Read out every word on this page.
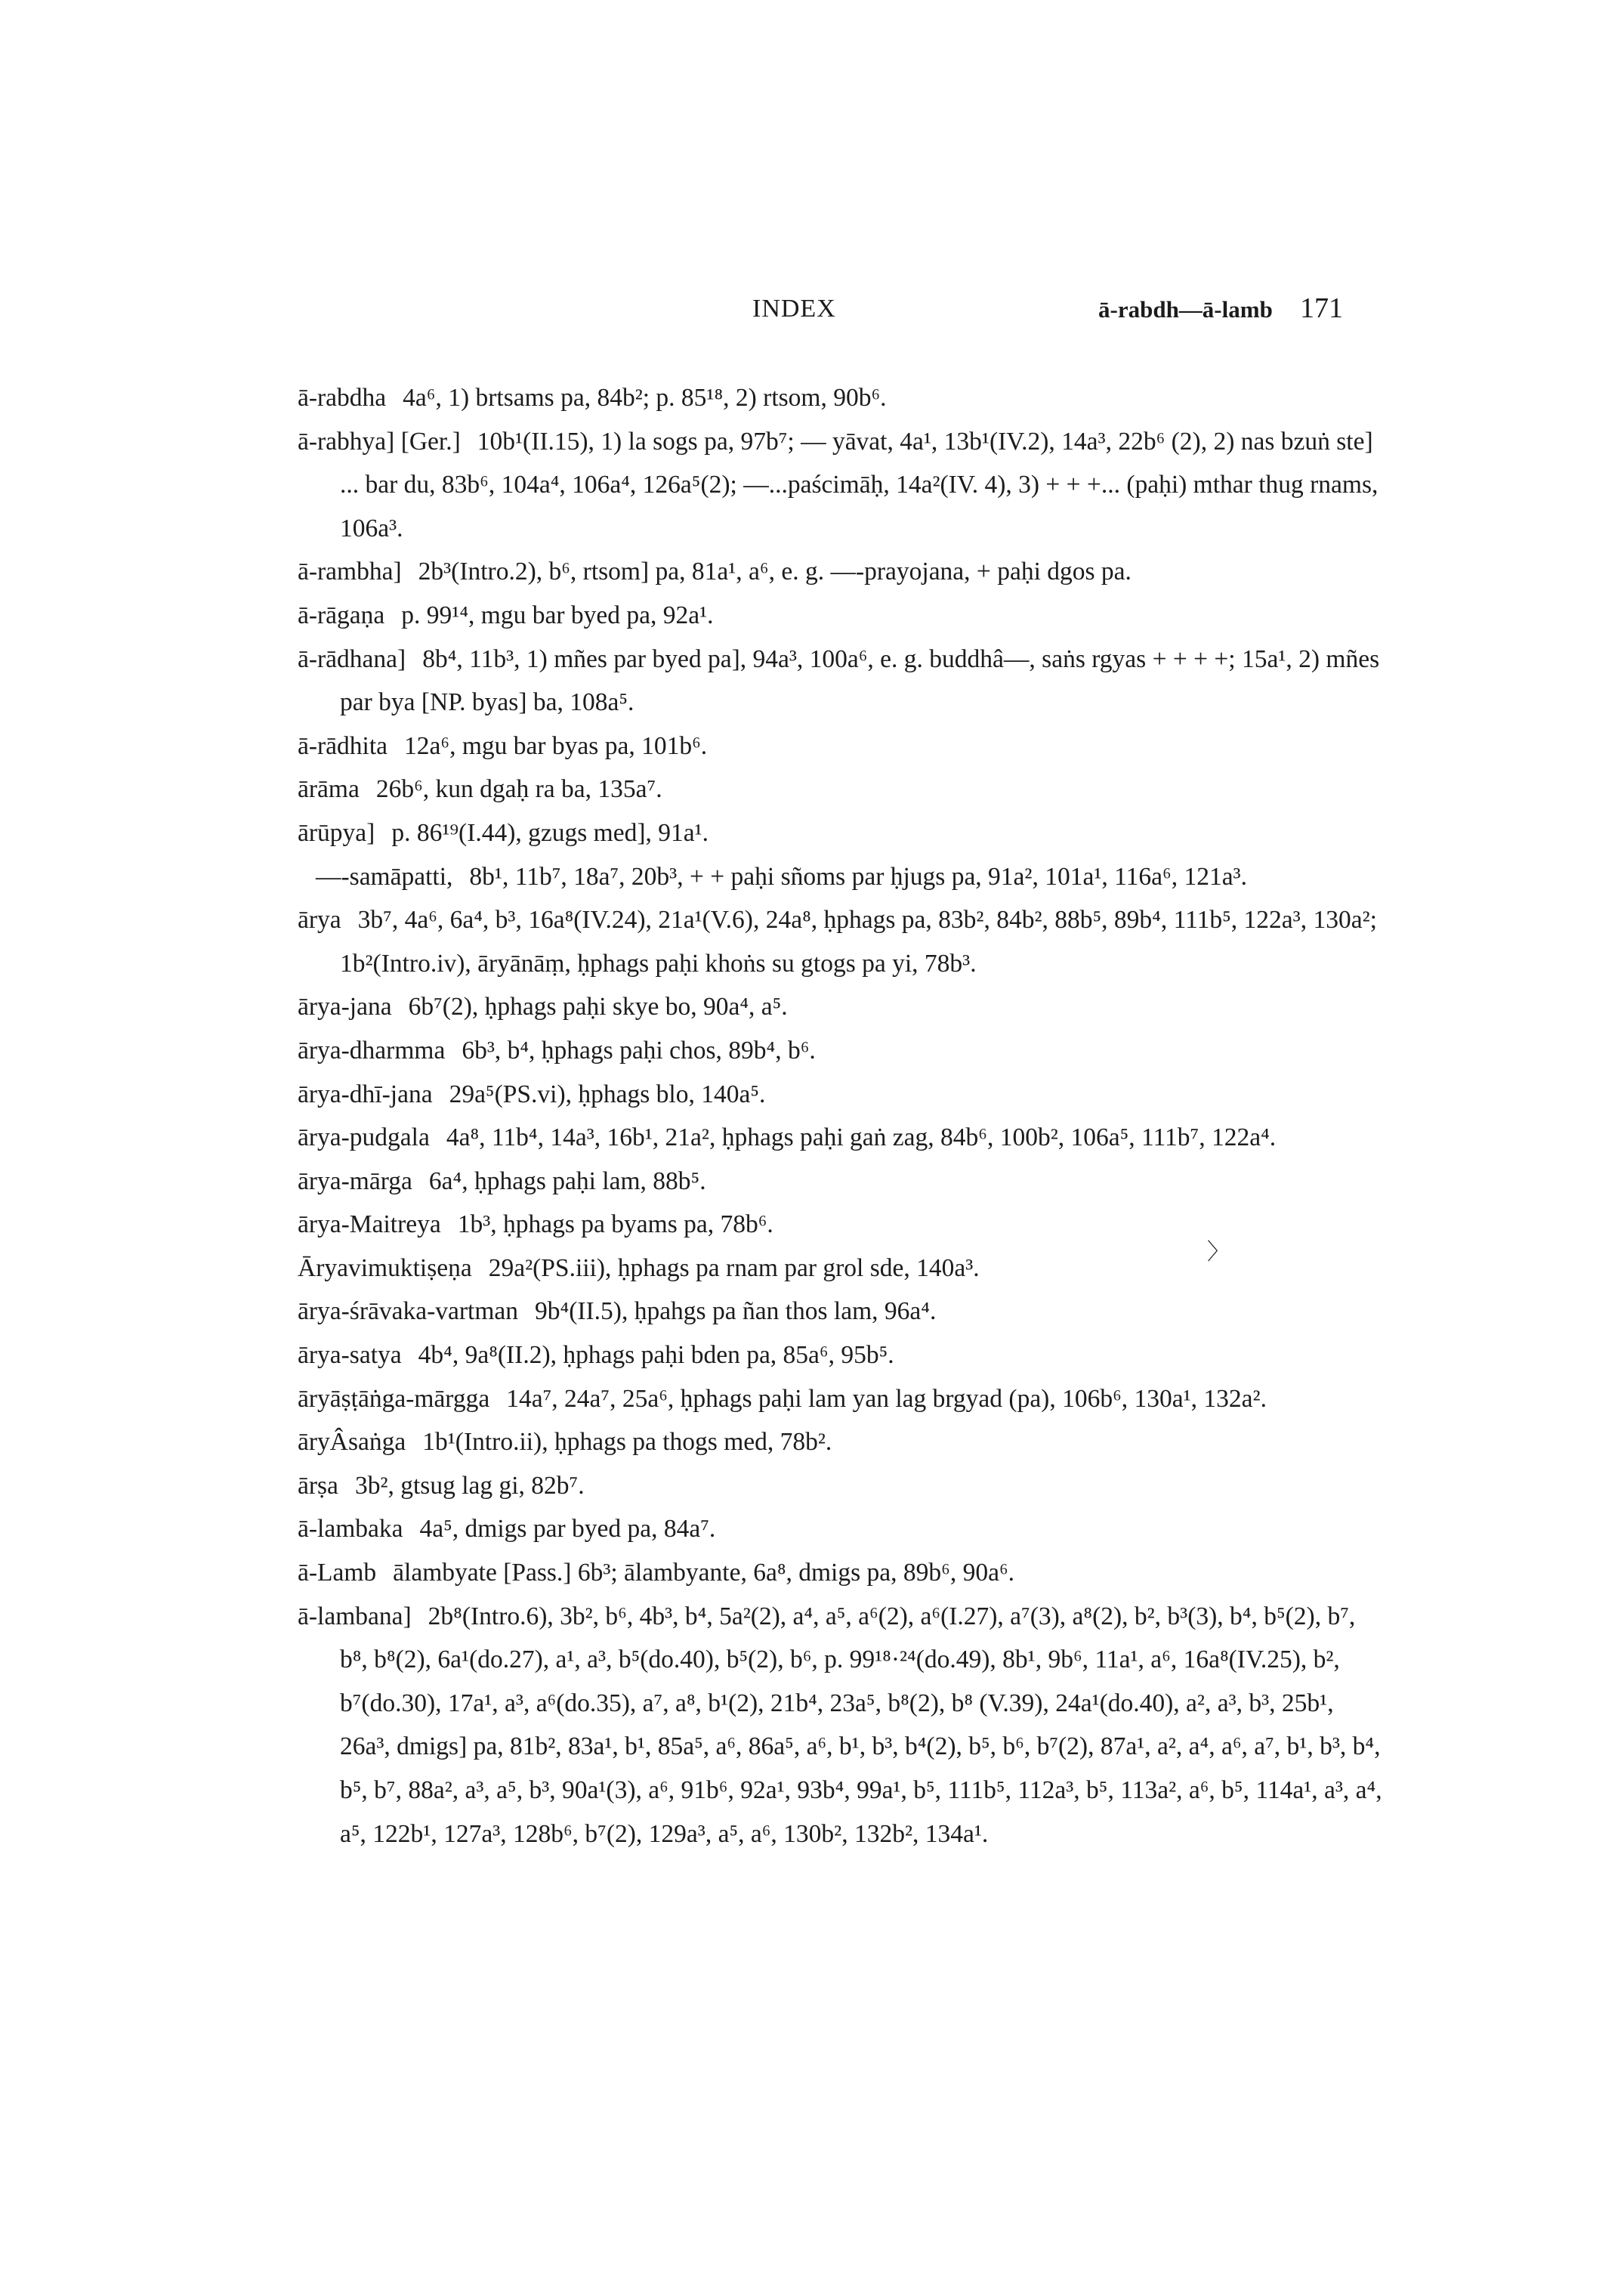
INDEX	ā-rabdh—ā-lamb 171
ā-rabdha 4a⁶, 1) brtsams pa, 84b²; p. 85¹⁸, 2) rtsom, 90b⁶.
ā-rabhya] [Ger.] 10b¹(II.15), 1) la sogs pa, 97b⁷; — yāvat, 4a¹, 13b¹(IV.2), 14a³, 22b⁶ (2), 2) nas bzuṅ ste] ... bar du, 83b⁶, 104a⁴, 106a⁴, 126a⁵(2); —...paścimāḥ, 14a²(IV. 4), 3) + + +... (paḥi) mthar thug rnams, 106a³.
ā-rambha] 2b³(Intro.2), b⁶, rtsom] pa, 81a¹, a⁶, e. g. —-prayojana, + paḥi dgos pa.
ā-rāgaṇa p. 99¹⁴, mgu bar byed pa, 92a¹.
ā-rādhana] 8b⁴, 11b³, 1) mñes par byed pa], 94a³, 100a⁶, e. g. buddhâ—, saṅs rgyas + + + +; 15a¹, 2) mñes par bya [NP. byas] ba, 108a⁵.
ā-rādhita 12a⁶, mgu bar byas pa, 101b⁶.
ārāma 26b⁶, kun dgaḥ ra ba, 135a⁷.
ārūpya] p. 86¹⁹(I.44), gzugs med], 91a¹.
—-samāpatti, 8b¹, 11b⁷, 18a⁷, 20b³, + + paḥi sñoms par ḥjugs pa, 91a², 101a¹, 116a⁶, 121a³.
ārya 3b⁷, 4a⁶, 6a⁴, b³, 16a⁸(IV.24), 21a¹(V.6), 24a⁸, ḥphags pa, 83b², 84b², 88b⁵, 89b⁴, 111b⁵, 122a³, 130a²; 1b²(Intro.iv), āryānāṃ, ḥphags paḥi khoṅs su gtogs pa yi, 78b³.
ārya-jana 6b⁷(2), ḥphags paḥi skye bo, 90a⁴, a⁵.
ārya-dharmma 6b³, b⁴, ḥphags paḥi chos, 89b⁴, b⁶.
ārya-dhī-jana 29a⁵(PS.vi), ḥphags blo, 140a⁵.
ārya-pudgala 4a⁸, 11b⁴, 14a³, 16b¹, 21a², ḥphags paḥi gaṅ zag, 84b⁶, 100b², 106a⁵, 111b⁷, 122a⁴.
ārya-mārga 6a⁴, ḥphags paḥi lam, 88b⁵.
ārya-Maitreya 1b³, ḥphags pa byams pa, 78b⁶.
Āryavimuktiṣeṇa 29a²(PS.iii), ḥphags pa rnam par grol sde, 140a³.
ārya-śrāvaka-vartman 9b⁴(II.5), ḥpahgs pa ñan thos lam, 96a⁴.
ārya-satya 4b⁴, 9a⁸(II.2), ḥphags paḥi bden pa, 85a⁶, 95b⁵.
āryāṣṭāṅga-mārgga 14a⁷, 24a⁷, 25a⁶, ḥphags paḥi lam yan lag brgyad (pa), 106b⁶, 130a¹, 132a².
āryÂsaṅga 1b¹(Intro.ii), ḥphags pa thogs med, 78b².
ārṣa 3b², gtsug lag gi, 82b⁷.
ā-lambaka 4a⁵, dmigs par byed pa, 84a⁷.
ā-Lamb ālambyate [Pass.] 6b³; ālambyante, 6a⁸, dmigs pa, 89b⁶, 90a⁶.
ā-lambana] 2b⁸(Intro.6), 3b², b⁶, 4b³, b⁴, 5a²(2), a⁴, a⁵, a⁶(2), a⁶(I.27), a⁷(3), a⁸(2), b², b³(3), b⁴, b⁵(2), b⁷, b⁸, b⁸(2), 6a¹(do.27), a¹, a³, b⁵(do.40), b⁵(2), b⁶, p. 99¹⁸·²⁴(do.49), 8b¹, 9b⁶, 11a¹, a⁶, 16a⁸(IV.25), b², b⁷(do.30), 17a¹, a³, a⁶(do.35), a⁷, a⁸, b¹(2), 21b⁴, 23a⁵, b⁸(2), b⁸ (V.39), 24a¹(do.40), a², a³, b³, 25b¹, 26a³, dmigs] pa, 81b², 83a¹, b¹, 85a⁵, a⁶, 86a⁵, a⁶, b¹, b³, b⁴(2), b⁵, b⁶, b⁷(2), 87a¹, a², a⁴, a⁶, a⁷, b¹, b³, b⁴, b⁵, b⁷, 88a², a³, a⁵, b³, 90a¹(3), a⁶, 91b⁶, 92a¹, 93b⁴, 99a¹, b⁵, 111b⁵, 112a³, b⁵, 113a², a⁶, b⁵, 114a¹, a³, a⁴, a⁵, 122b¹, 127a³, 128b⁶, b⁷(2), 129a³, a⁵, a⁶, 130b², 132b², 134a¹.
〉
